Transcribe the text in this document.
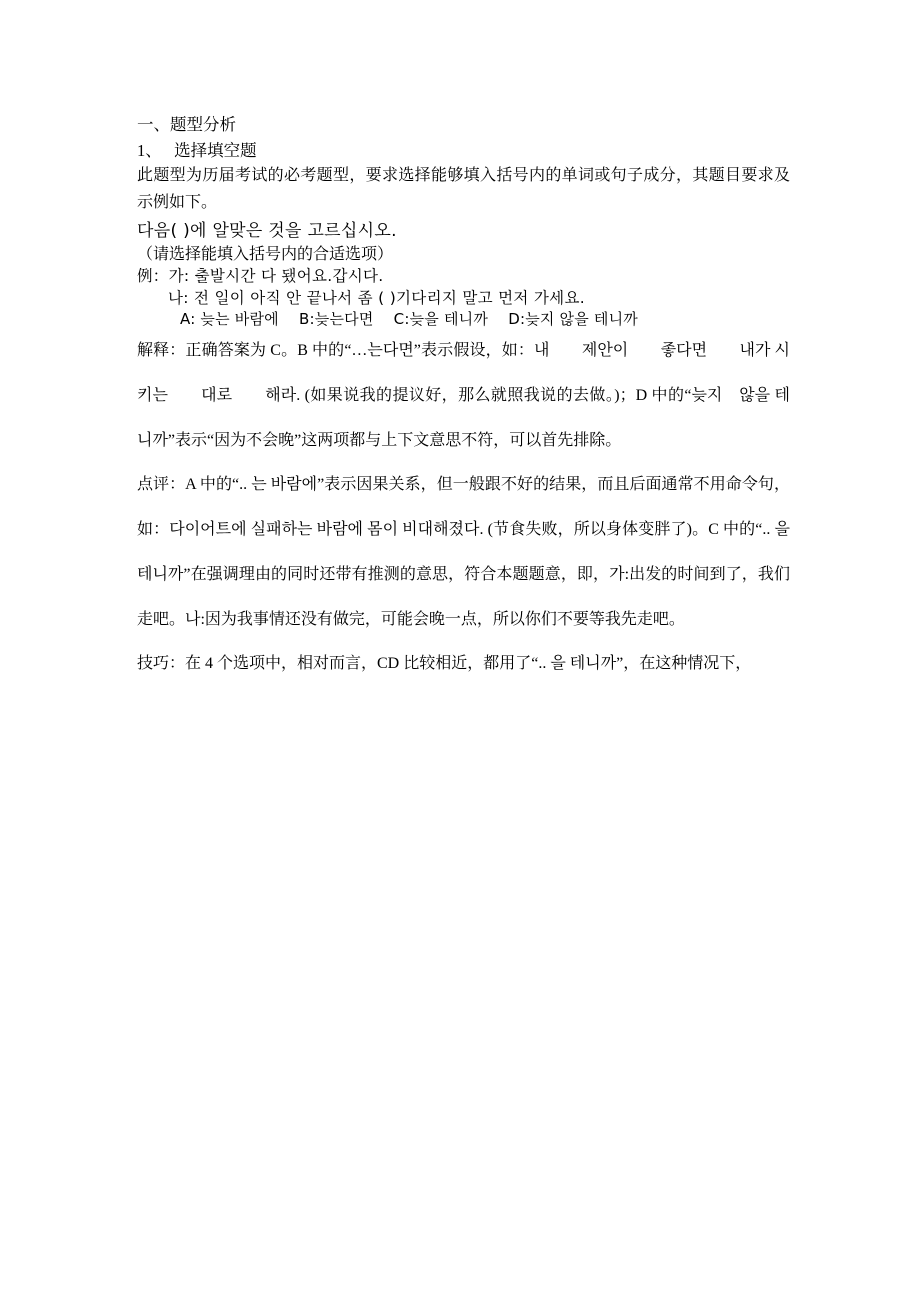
一、题型分析
1、　 选择填空题

此题型为历届考试的必考题型，要求选择能够填入括号内的单词或句子成分，其题目要求及示例如下。

다음( )에 알맞은 것을 고르십시오.

（请选择能填入括号内的合适选项）

例：가: 출발시간 다 됐어요.갑시다.

나: 전 일이 아직 안 끝나서 좀 ( )기다리지 말고 먼저 가세요.

A: 늦는 바람에　 B:늦는다면　 C:늦을 테니까　 D:늦지 않을 테니까

解释：正确答案为 C。B 中的“…는다면”表示假设，如：내　　제안이　　좋다면　　내가 시키는　　대로　　해라. (如果说我的提议好，那么就照我说的去做。)；D 中的“늦지　않을 테니까”表示“因为不会晚”这两项都与上下文意思不符，可以首先排除。

点评：A 中的“.. 는 바람에”表示因果关系，但一般跟不好的结果，而且后面通常不用命令句，如：다이어트에 실패하는 바람에 몸이 비대해졌다. (节食失败，所以身体变胖了)。C 中的“.. 을　테니까”在强调理由的同时还带有推测的意思，符合本题题意，即，가:出发的时间到了，我们走吧。나:因为我事情还没有做完，可能会晚一点，所以你们不要等我先走吧。

技巧：在 4 个选项中，相对而言，CD 比较相近，都用了“.. 을 테니까”，在这种情况下，
